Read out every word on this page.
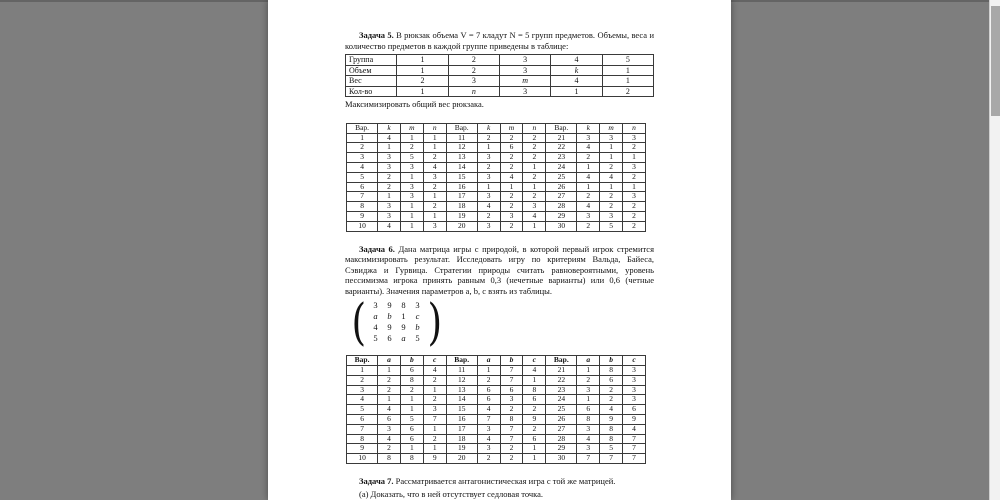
Задача 5. В рюкзак объема V = 7 кладут N = 5 групп предметов. Объемы, веса и количество предметов в каждой группе приведены в таблице:

Группа	1	2	3	4	5
Объем	1	2	3	k	1
Вес	2	3	m	4	1
Кол-во	1	n	3	1	2

Максимизировать общий вес рюкзака.

Вар.	k	m	n	Вар.	k	m	n	Вар.	k	m	n
1	4	1	1	11	2	2	2	21	3	3	3
2	1	2	1	12	1	6	2	22	4	1	2
3	3	5	2	13	3	2	2	23	2	1	1
4	3	3	4	14	2	2	1	24	1	2	3
5	2	1	3	15	3	4	2	25	4	4	2
6	2	3	2	16	1	1	1	26	1	1	1
7	1	3	1	17	3	2	2	27	2	2	3
8	3	1	2	18	4	2	3	28	4	2	2
9	3	1	1	19	2	3	4	29	3	3	2
10	4	1	3	20	3	2	1	30	2	5	2

Задача 6. Дана матрица игры с природой, в которой первый игрок стремится максимизировать результат. Исследовать игру по критериям Вальда, Байеса, Сэвиджа и Гурвица. Стратегии природы считать равновероятными, уровень пессимизма игрока принять равным 0,3 (нечетные варианты) или 0,6 (четные варианты). Значения параметров a, b, c взять из таблицы.

( 3	9	8	3
a	b	1	c
4	9	9	b
5	6	a	5 )
Вар.	a	b	c	Вар.	a	b	c	Вар.	a	b	c
1	1	6	4	11	1	7	4	21	1	8	3
2	2	8	2	12	2	7	1	22	2	6	3
3	2	2	1	13	6	6	8	23	3	2	3
4	1	1	2	14	6	3	6	24	1	2	3
5	4	1	3	15	4	2	2	25	6	4	6
6	6	5	7	16	7	8	9	26	8	9	9
7	3	6	1	17	3	7	2	27	3	8	4
8	4	6	2	18	4	7	6	28	4	8	7
9	2	1	1	19	3	2	1	29	3	5	7
10	8	8	9	20	2	2	1	30	7	7	7

Задача 7. Рассматривается антагонистическая игра с той же матрицей.

(а) Доказать, что в ней отсутствует седловая точка.
